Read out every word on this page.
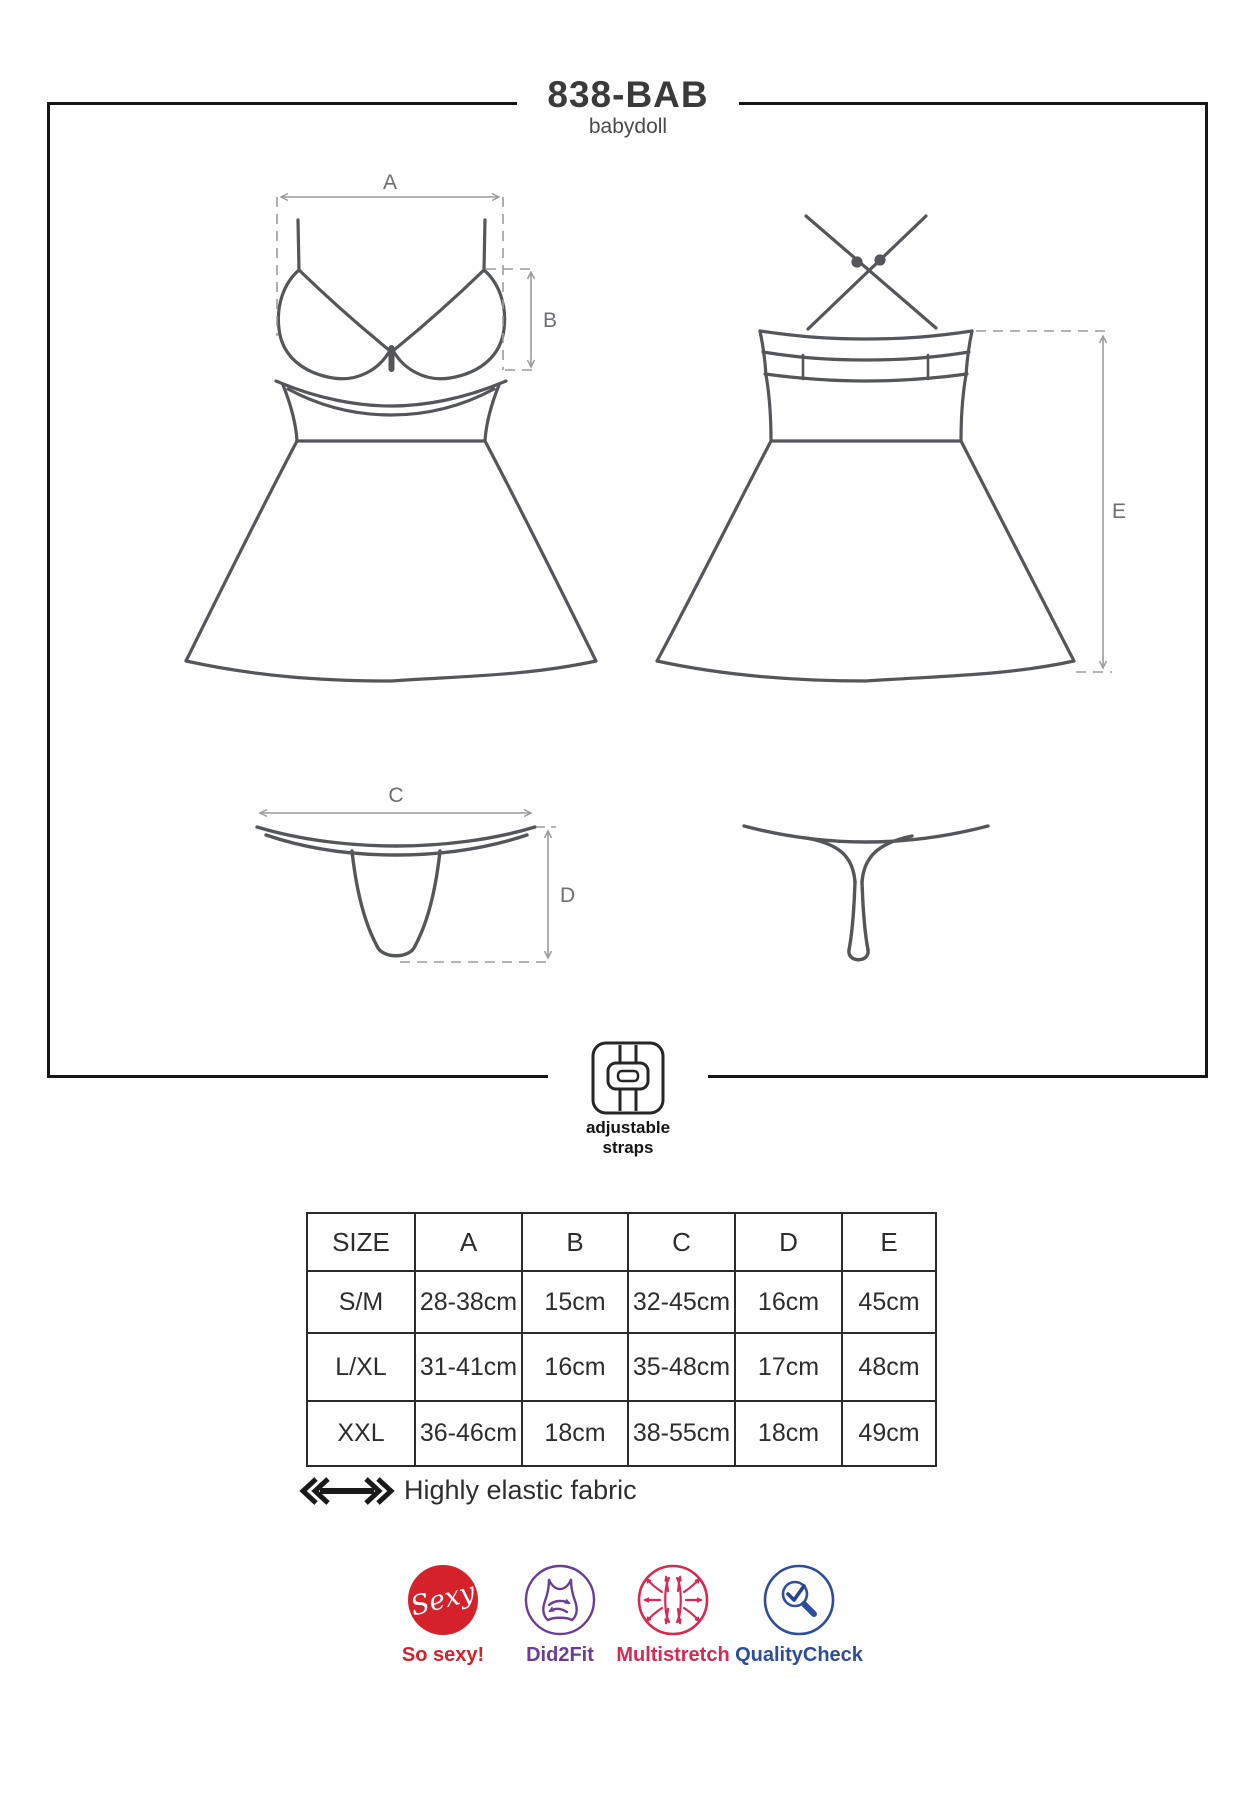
838-BAB
babydoll
A
B
C
D
E
Sexy
adjustable
straps
SIZE	A	B	C	D	E
S/M	28-38cm	15cm	32-45cm	16cm	45cm
L/XL	31-41cm	16cm	35-48cm	17cm	48cm
XXL	36-46cm	18cm	38-55cm	18cm	49cm
Highly elastic fabric
So sexy! Did2Fit Multistretch QualityCheck
